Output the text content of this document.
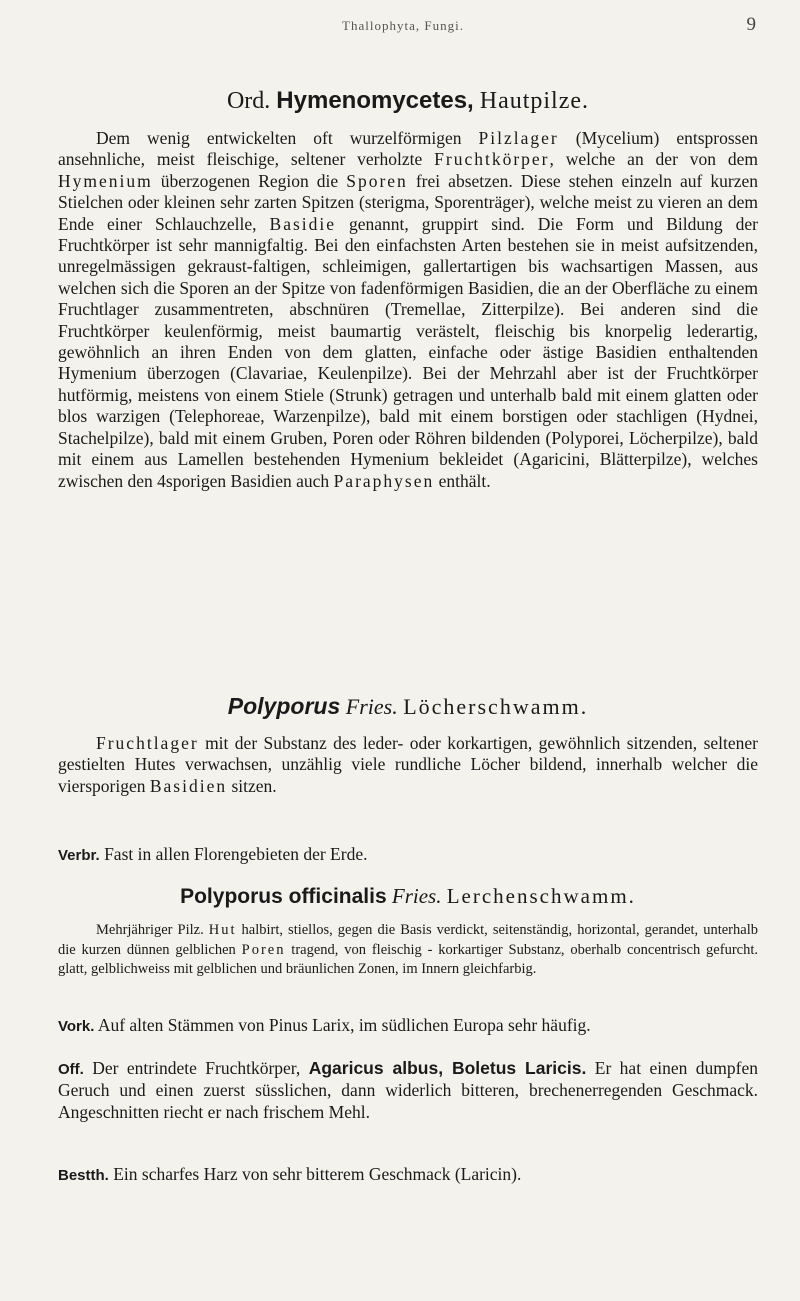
Thallophyta, Fungi.	9
Ord. Hymenomycetes, Hautpilze.

Dem wenig entwickelten oft wurzelförmigen Pilzlager (Mycelium) entsprossen ansehnliche, meist fleischige, seltener verholzte Fruchtkörper, welche an der von dem Hymenium überzogenen Region die Sporen frei absetzen. Diese stehen einzeln auf kurzen Stielchen oder kleinen sehr zarten Spitzen (sterigma, Sporenträger), welche meist zu vieren an dem Ende einer Schlauchzelle, Basidie genannt, gruppirt sind. Die Form und Bildung der Fruchtkörper ist sehr mannigfaltig. Bei den einfachsten Arten bestehen sie in meist aufsitzenden, unregelmässigen gekraust-faltigen, schleimigen, gallertartigen bis wachsartigen Massen, aus welchen sich die Sporen an der Spitze von fadenförmigen Basidien, die an der Oberfläche zu einem Fruchtlager zusammentreten, abschnüren (Tremellae, Zitterpilze). Bei anderen sind die Fruchtkörper keulenförmig, meist baumartig verästelt, fleischig bis knorpelig lederartig, gewöhnlich an ihren Enden von dem glatten, einfache oder ästige Basidien enthaltenden Hymenium überzogen (Clavariae, Keulenpilze). Bei der Mehrzahl aber ist der Fruchtkörper hutförmig, meistens von einem Stiele (Strunk) getragen und unterhalb bald mit einem glatten oder blos warzigen (Telephoreae, Warzenpilze), bald mit einem borstigen oder stachligen (Hydnei, Stachelpilze), bald mit einem Gruben, Poren oder Röhren bildenden (Polyporei, Löcherpilze), bald mit einem aus Lamellen bestehenden Hymenium bekleidet (Agaricini, Blätterpilze), welches zwischen den 4sporigen Basidien auch Paraphysen enthält.

Polyporus Fries. Löcherschwamm.

Fruchtlager mit der Substanz des leder- oder korkartigen, gewöhnlich sitzenden, seltener gestielten Hutes verwachsen, unzählig viele rundliche Löcher bildend, innerhalb welcher die viersporigen Basidien sitzen.

Verbr. Fast in allen Florengebieten der Erde.

Polyporus officinalis Fries. Lerchenschwamm.

Mehrjähriger Pilz. Hut halbirt, stiellos, gegen die Basis verdickt, seitenständig, horizontal, gerandet, unterhalb die kurzen dünnen gelblichen Poren tragend, von fleischig - korkartiger Substanz, oberhalb concentrisch gefurcht. glatt, gelblichweiss mit gelblichen und bräunlichen Zonen, im Innern gleichfarbig.

Vork. Auf alten Stämmen von Pinus Larix, im südlichen Europa sehr häufig.

Off. Der entrindete Fruchtkörper, Agaricus albus, Boletus Laricis. Er hat einen dumpfen Geruch und einen zuerst süsslichen, dann widerlich bitteren, brechenerregenden Geschmack. Angeschnitten riecht er nach frischem Mehl.

Bestth. Ein scharfes Harz von sehr bitterem Geschmack (Laricin).
